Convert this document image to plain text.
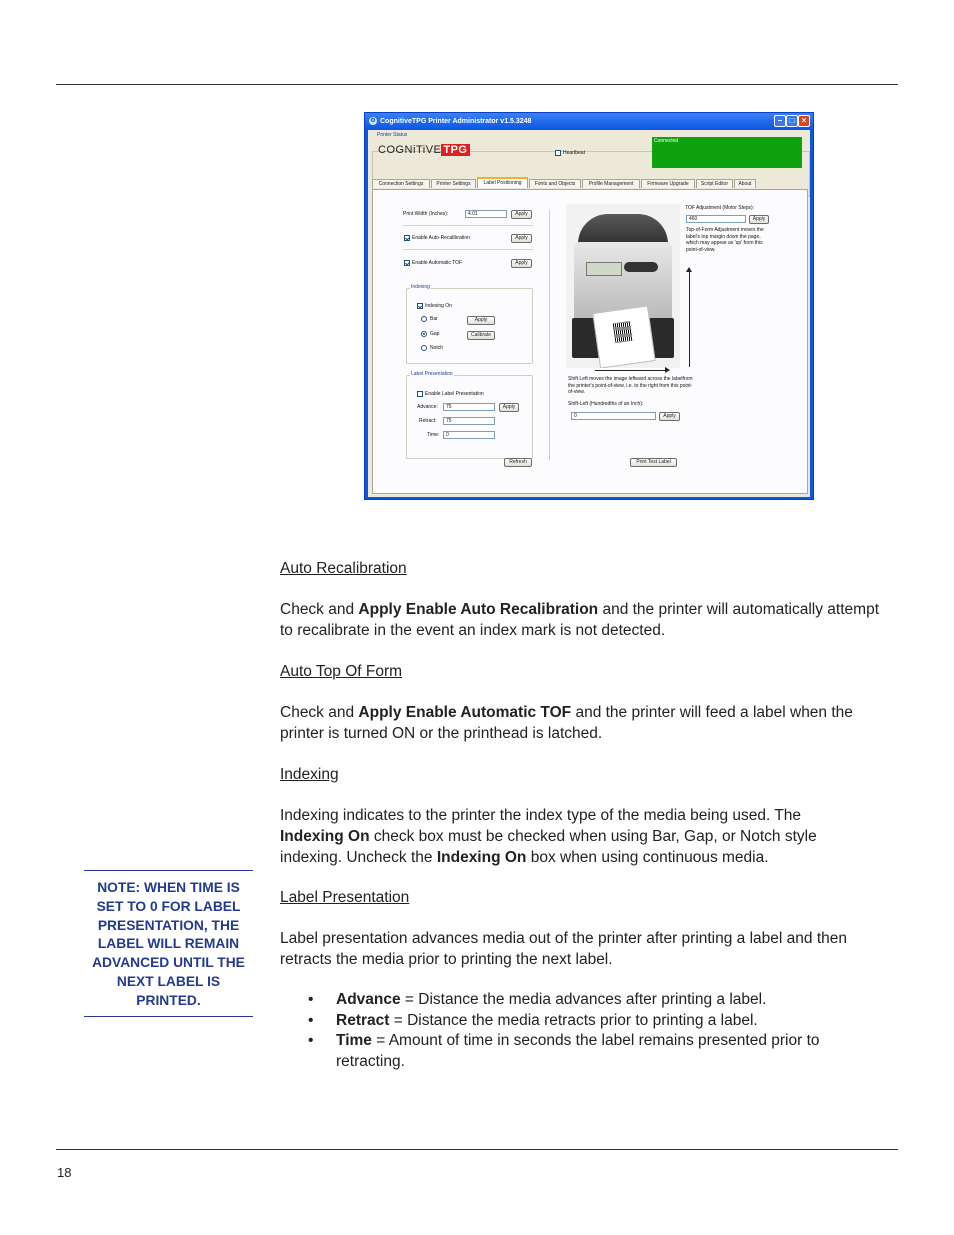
⚙ CognitiveTPG Printer Administrator v1.5.3248	– □ ×
Printer Status
COGNiTiVE TPG	Heartbeat
Connected
Connection Settings	Printer Settings	Label Positioning	Fonts and Objects	Profile Management	Firmware Upgrade	Script Editor	About
Print Width (Inches):	4.01	Apply
Enable Auto-Recalibration	Apply
Enable Automatic TOF	Apply
Indexing
Indexing On
Bar	Apply
Gap	Calibrate
Notch
Label Presentation
Enable Label Presentation
Advance:	75	Apply
Retract:	75
Time:	0
TOF Adjustment (Motor Steps):
460	Apply
Top-of-Form Adjustment moves the label's top margin down the page, which may appear as 'up' from this point-of-view.
Shift Left moves the image leftward across the labelfrom the printer's point-of-view, i.e. to the right from this point-of-view.
Shift-Left (Hundredths of an Inch):
0	Apply
Refresh	Print Test Label
Auto Recalibration
Check and Apply Enable Auto Recalibration and the printer will automatically attempt to recalibrate in the event an index mark is not detected.
Auto Top Of Form
Check and Apply Enable Automatic TOF and the printer will feed a label when the printer is turned ON or the printhead is latched.
Indexing
Indexing indicates to the printer the index type of the media being used. The Indexing On check box must be checked when using Bar, Gap, or Notch style indexing. Uncheck the Indexing On box when using continuous media.
Label Presentation
Label presentation advances media out of the printer after printing a label and then retracts the media prior to printing the next label.
• Advance = Distance the media advances after printing a label.
• Retract = Distance the media retracts prior to printing a label.
• Time = Amount of time in seconds the label remains presented prior to retracting.
NOTE: WHEN TIME IS SET TO 0 FOR LABEL PRESENTATION, THE LABEL WILL REMAIN ADVANCED UNTIL THE NEXT LABEL IS PRINTED.
18
